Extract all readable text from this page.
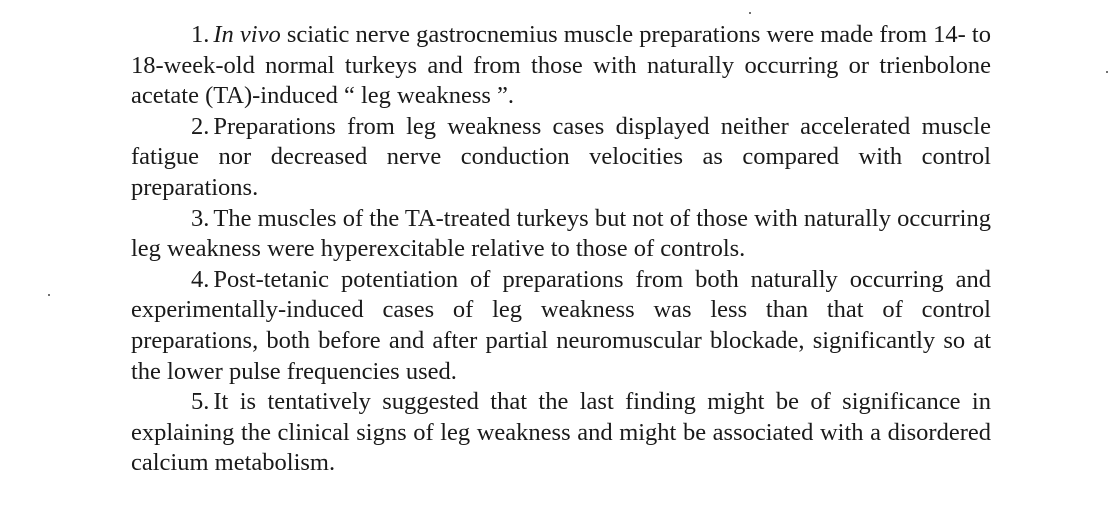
1. In vivo sciatic nerve gastrocnemius muscle preparations were made from 14- to 18-week-old normal turkeys and from those with naturally occurring or trienbolone acetate (TA)-induced “ leg weakness ”.

2. Preparations from leg weakness cases displayed neither accelerated muscle fatigue nor decreased nerve conduction velocities as compared with control preparations.

3. The muscles of the TA-treated turkeys but not of those with naturally occurring leg weakness were hyperexcitable relative to those of controls.

4. Post-tetanic potentiation of preparations from both naturally occurring and experimentally-induced cases of leg weakness was less than that of control preparations, both before and after partial neuromuscular blockade, significantly so at the lower pulse frequencies used.

5. It is tentatively suggested that the last finding might be of significance in explaining the clinical signs of leg weakness and might be associated with a disordered calcium metabolism.
